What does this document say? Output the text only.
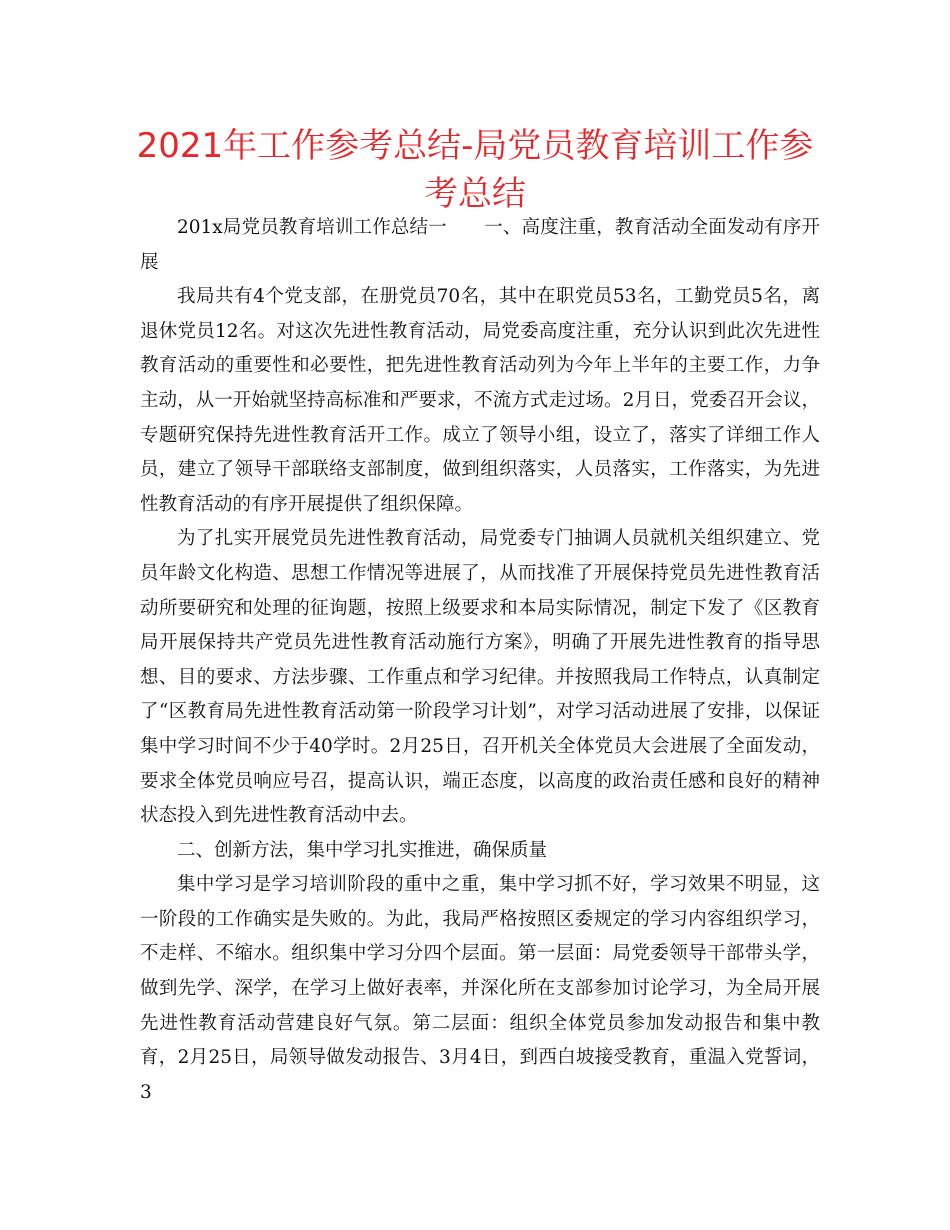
2021年工作参考总结-局党员教育培训工作参考总结

201x局党员教育培训工作总结一　　一、高度注重，教育活动全面发动有序开展

我局共有4个党支部，在册党员70名，其中在职党员53名，工勤党员5名，离退休党员12名。对这次先进性教育活动，局党委高度注重，充分认识到此次先进性教育活动的重要性和必要性，把先进性教育活动列为今年上半年的主要工作，力争主动，从一开始就坚持高标准和严要求，不流方式走过场。2月日，党委召开会议，专题研究保持先进性教育活开工作。成立了领导小组，设立了，落实了详细工作人员，建立了领导干部联络支部制度，做到组织落实，人员落实，工作落实，为先进性教育活动的有序开展提供了组织保障。

为了扎实开展党员先进性教育活动，局党委专门抽调人员就机关组织建立、党员年龄文化构造、思想工作情况等进展了，从而找准了开展保持党员先进性教育活动所要研究和处理的征询题，按照上级要求和本局实际情况，制定下发了《区教育局开展保持共产党员先进性教育活动施行方案》，明确了开展先进性教育的指导思想、目的要求、方法步骤、工作重点和学习纪律。并按照我局工作特点，认真制定了“区教育局先进性教育活动第一阶段学习计划”，对学习活动进展了安排，以保证集中学习时间不少于40学时。2月25日，召开机关全体党员大会进展了全面发动，要求全体党员响应号召，提高认识，端正态度，以高度的政治责任感和良好的精神状态投入到先进性教育活动中去。

二、创新方法，集中学习扎实推进，确保质量

集中学习是学习培训阶段的重中之重，集中学习抓不好，学习效果不明显，这一阶段的工作确实是失败的。为此，我局严格按照区委规定的学习内容组织学习，不走样、不缩水。组织集中学习分四个层面。第一层面：局党委领导干部带头学，做到先学、深学，在学习上做好表率，并深化所在支部参加讨论学习，为全局开展先进性教育活动营建良好气氛。第二层面：组织全体党员参加发动报告和集中教育，2月25日，局领导做发动报告、3月4日，到西白坡接受教育，重温入党誓词，3
